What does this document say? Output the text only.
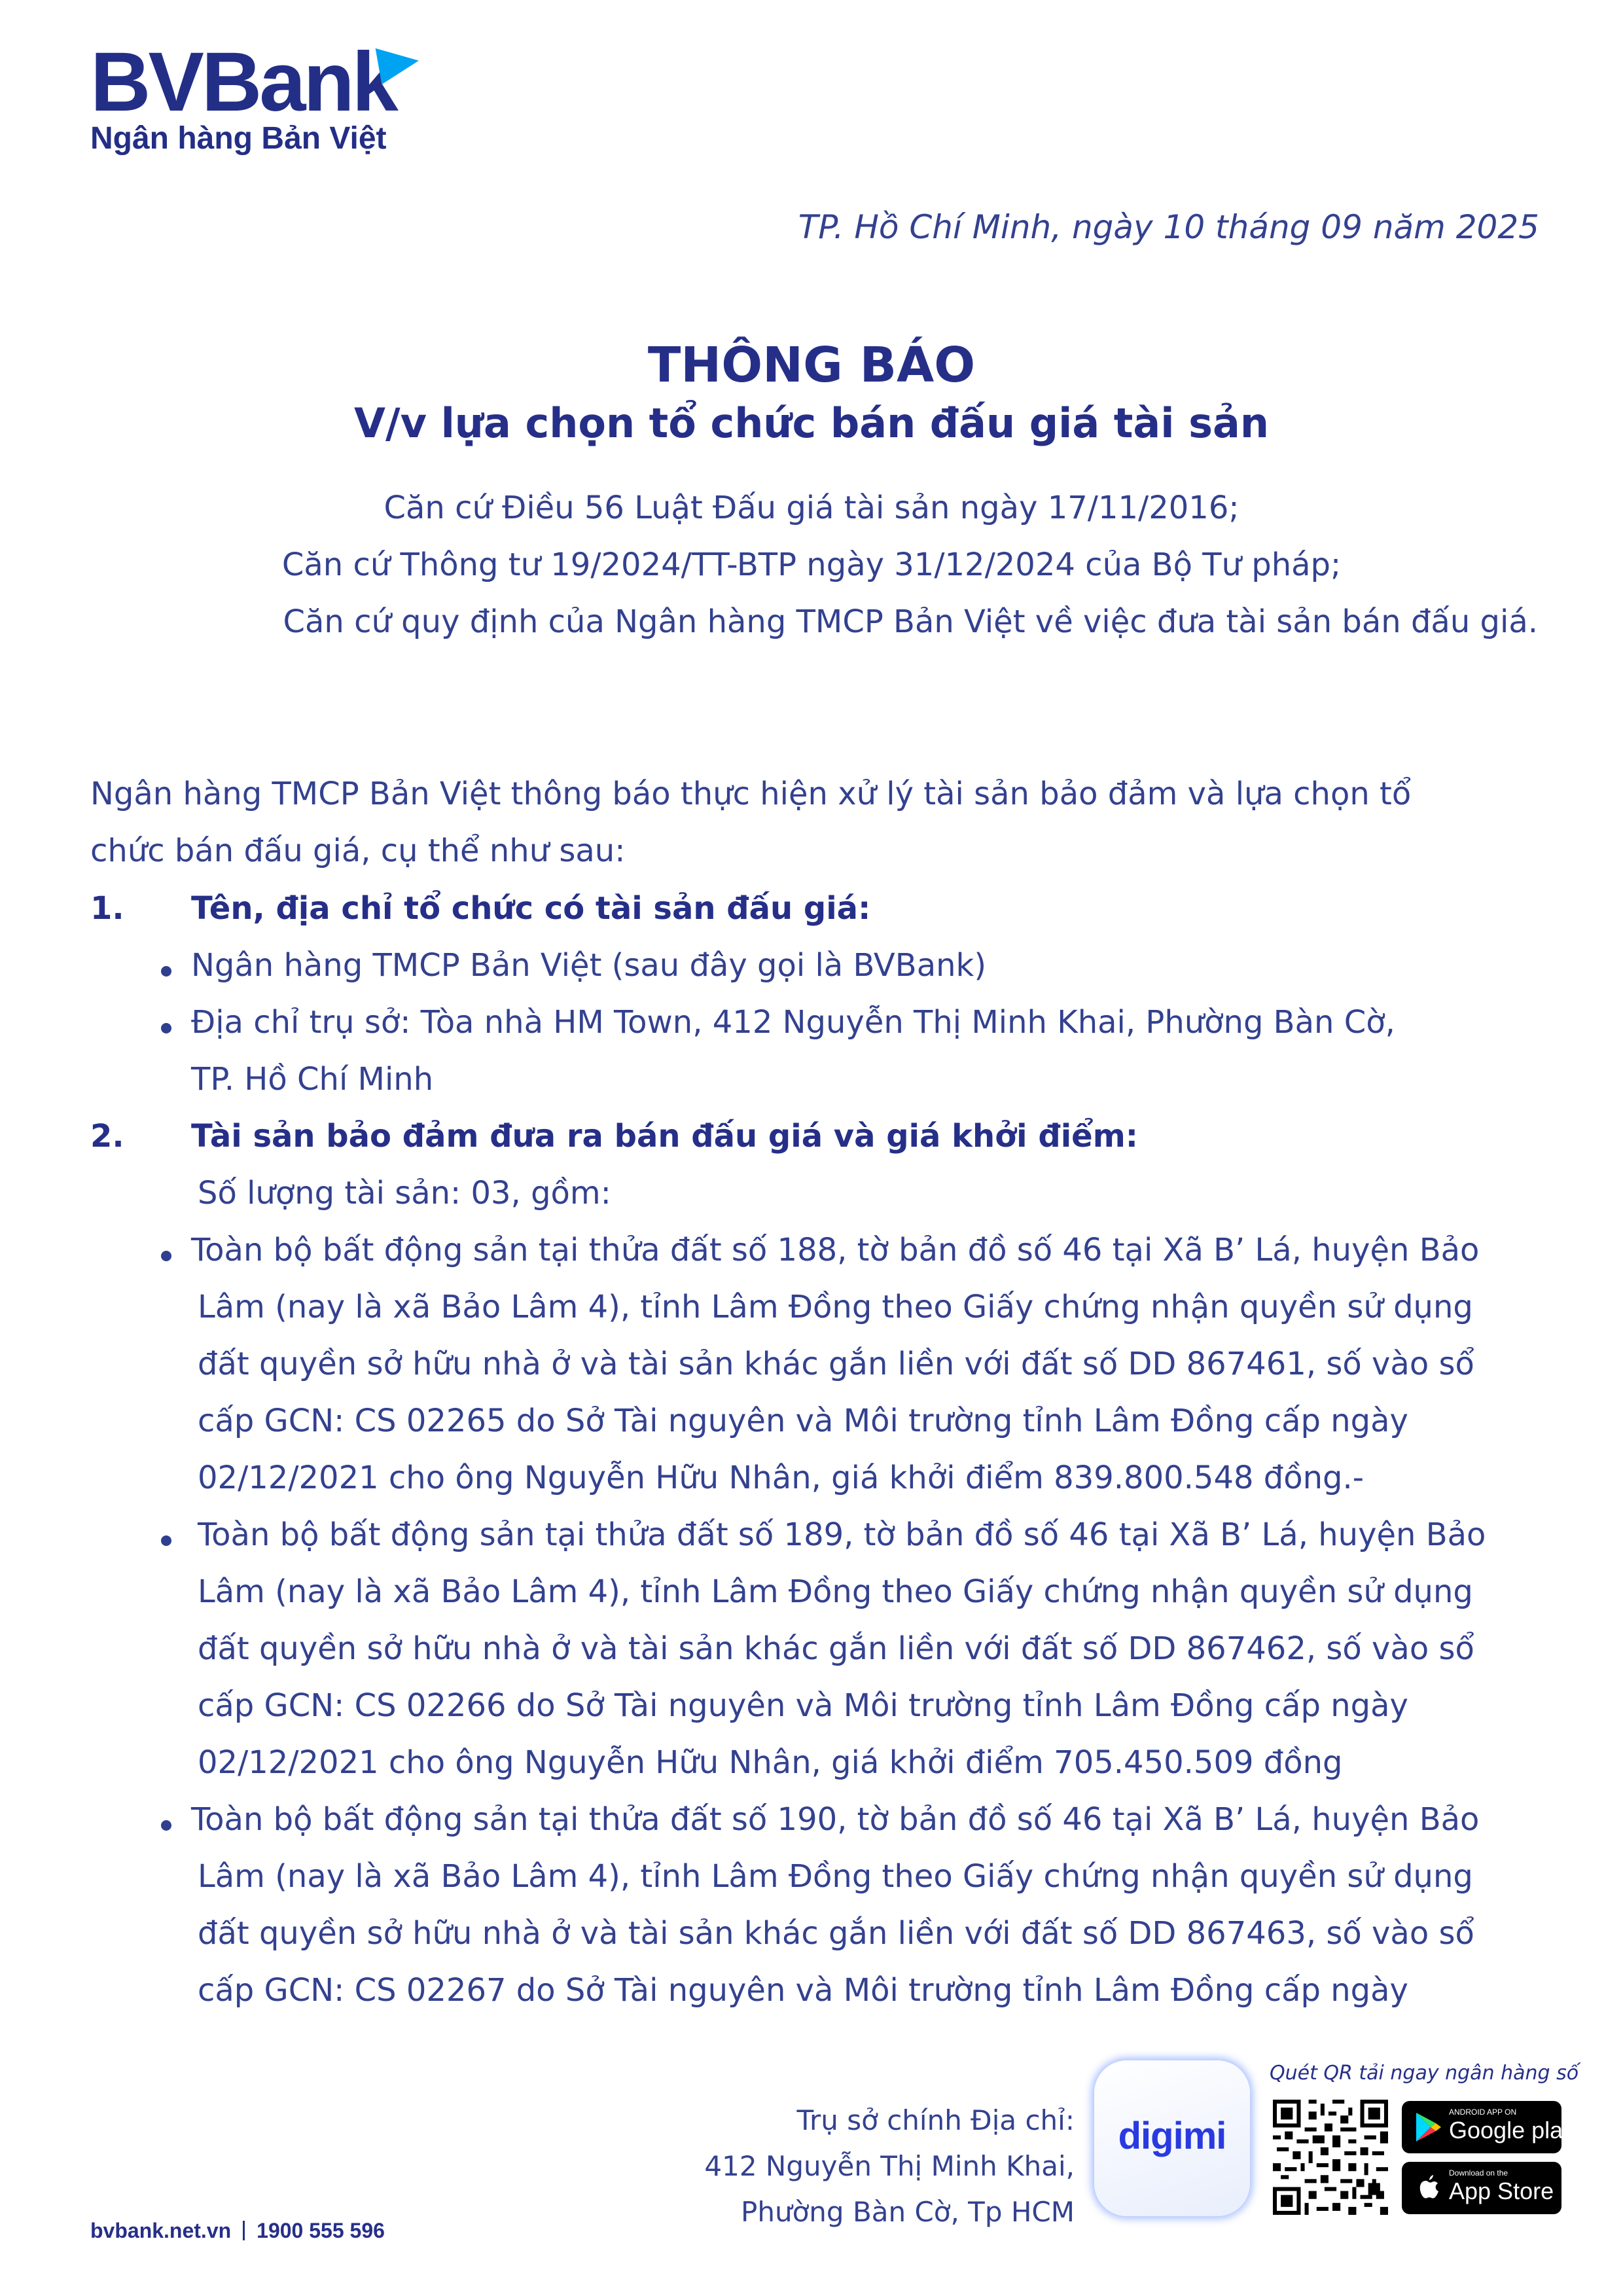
BVBank
Ngân hàng Bản Việt
TP. Hồ Chí Minh, ngày 10 tháng 09 năm 2025
THÔNG BÁO
V/v lựa chọn tổ chức bán đấu giá tài sản
Căn cứ Điều 56 Luật Đấu giá tài sản ngày 17/11/2016;
Căn cứ Thông tư 19/2024/TT-BTP ngày 31/12/2024 của Bộ Tư pháp;
Căn cứ quy định của Ngân hàng TMCP Bản Việt về việc đưa tài sản bán đấu giá.
Ngân hàng TMCP Bản Việt thông báo thực hiện xử lý tài sản bảo đảm và lựa chọn tổ
chức bán đấu giá, cụ thể như sau:
1. Tên, địa chỉ tổ chức có tài sản đấu giá:
Ngân hàng TMCP Bản Việt (sau đây gọi là BVBank)
Địa chỉ trụ sở: Tòa nhà HM Town, 412 Nguyễn Thị Minh Khai, Phường Bàn Cờ,
TP. Hồ Chí Minh
2. Tài sản bảo đảm đưa ra bán đấu giá và giá khởi điểm:
Số lượng tài sản: 03, gồm:
Toàn bộ bất động sản tại thửa đất số 188, tờ bản đồ số 46 tại Xã B’ Lá, huyện Bảo
Lâm (nay là xã Bảo Lâm 4), tỉnh Lâm Đồng theo Giấy chứng nhận quyền sử dụng
đất quyền sở hữu nhà ở và tài sản khác gắn liền với đất số DD 867461, số vào sổ
cấp GCN: CS 02265 do Sở Tài nguyên và Môi trường tỉnh Lâm Đồng cấp ngày
02/12/2021 cho ông Nguyễn Hữu Nhân, giá khởi điểm 839.800.548 đồng.-
Toàn bộ bất động sản tại thửa đất số 189, tờ bản đồ số 46 tại Xã B’ Lá, huyện Bảo
Lâm (nay là xã Bảo Lâm 4), tỉnh Lâm Đồng theo Giấy chứng nhận quyền sử dụng
đất quyền sở hữu nhà ở và tài sản khác gắn liền với đất số DD 867462, số vào sổ
cấp GCN: CS 02266 do Sở Tài nguyên và Môi trường tỉnh Lâm Đồng cấp ngày
02/12/2021 cho ông Nguyễn Hữu Nhân, giá khởi điểm 705.450.509 đồng
Toàn bộ bất động sản tại thửa đất số 190, tờ bản đồ số 46 tại Xã B’ Lá, huyện Bảo
Lâm (nay là xã Bảo Lâm 4), tỉnh Lâm Đồng theo Giấy chứng nhận quyền sử dụng
đất quyền sở hữu nhà ở và tài sản khác gắn liền với đất số DD 867463, số vào sổ
cấp GCN: CS 02267 do Sở Tài nguyên và Môi trường tỉnh Lâm Đồng cấp ngày
Trụ sở chính Địa chỉ:
412 Nguyễn Thị Minh Khai,
Phường Bàn Cờ, Tp HCM
bvbank.net.vn 1900 555 596
digimi
Quét QR tải ngay ngân hàng số
ANDROID APP ON
Google play
Download on the
App Store
